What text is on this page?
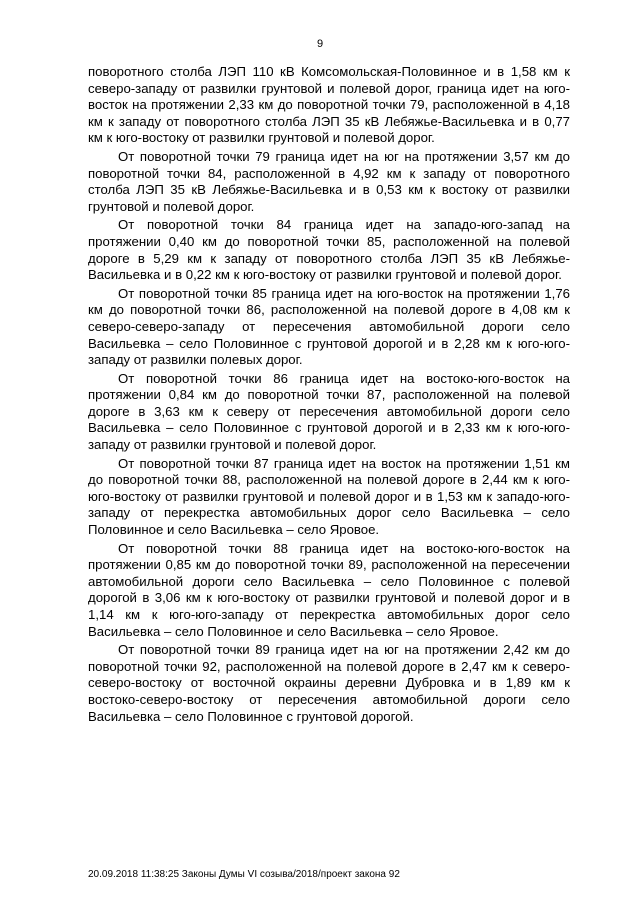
9

поворотного столба ЛЭП 110 кВ Комсомольская-Половинное и в 1,58 км к северо-западу от развилки грунтовой и полевой дорог, граница идет на юго-восток на протяжении 2,33 км до поворотной точки 79, расположенной в 4,18 км к западу от поворотного столба ЛЭП 35 кВ Лебяжье-Васильевка и в 0,77 км к юго-востоку от развилки грунтовой и полевой дорог.

От поворотной точки 79 граница идет на юг на протяжении 3,57 км до поворотной точки 84, расположенной в 4,92 км к западу от поворотного столба ЛЭП 35 кВ Лебяжье-Васильевка и в 0,53 км к востоку от развилки грунтовой и полевой дорог.

От поворотной точки 84 граница идет на западо-юго-запад на протяжении 0,40 км до поворотной точки 85, расположенной на полевой дороге в 5,29 км к западу от поворотного столба ЛЭП 35 кВ Лебяжье-Васильевка и в 0,22 км к юго-востоку от развилки грунтовой и полевой дорог.

От поворотной точки 85 граница идет на юго-восток на протяжении 1,76 км до поворотной точки 86, расположенной на полевой дороге в 4,08 км к северо-северо-западу от пересечения автомобильной дороги село Васильевка – село Половинное с грунтовой дорогой и в 2,28 км к юго-юго-западу от развилки полевых дорог.

От поворотной точки 86 граница идет на востоко-юго-восток на протяжении 0,84 км до поворотной точки 87, расположенной на полевой дороге в 3,63 км к северу от пересечения автомобильной дороги село Васильевка – село Половинное с грунтовой дорогой и в 2,33 км к юго-юго-западу от развилки грунтовой и полевой дорог.

От поворотной точки 87 граница идет на восток на протяжении 1,51 км до поворотной точки 88, расположенной на полевой дороге в 2,44 км к юго-юго-востоку от развилки грунтовой и полевой дорог и в 1,53 км к западо-юго-западу от перекрестка автомобильных дорог село Васильевка – село Половинное и село Васильевка – село Яровое.

От поворотной точки 88 граница идет на востоко-юго-восток на протяжении 0,85 км до поворотной точки 89, расположенной на пересечении автомобильной дороги село Васильевка – село Половинное с полевой дорогой в 3,06 км к юго-востоку от развилки грунтовой и полевой дорог и в 1,14 км к юго-юго-западу от перекрестка автомобильных дорог село Васильевка – село Половинное и село Васильевка – село Яровое.

От поворотной точки 89 граница идет на юг на протяжении 2,42 км до поворотной точки 92, расположенной на полевой дороге в 2,47 км к северо-северо-востоку от восточной окраины деревни Дубровка и в 1,89 км к востоко-северо-востоку от пересечения автомобильной дороги село Васильевка – село Половинное с грунтовой дорогой.

20.09.2018 11:38:25 Законы Думы VI созыва/2018/проект закона 92
